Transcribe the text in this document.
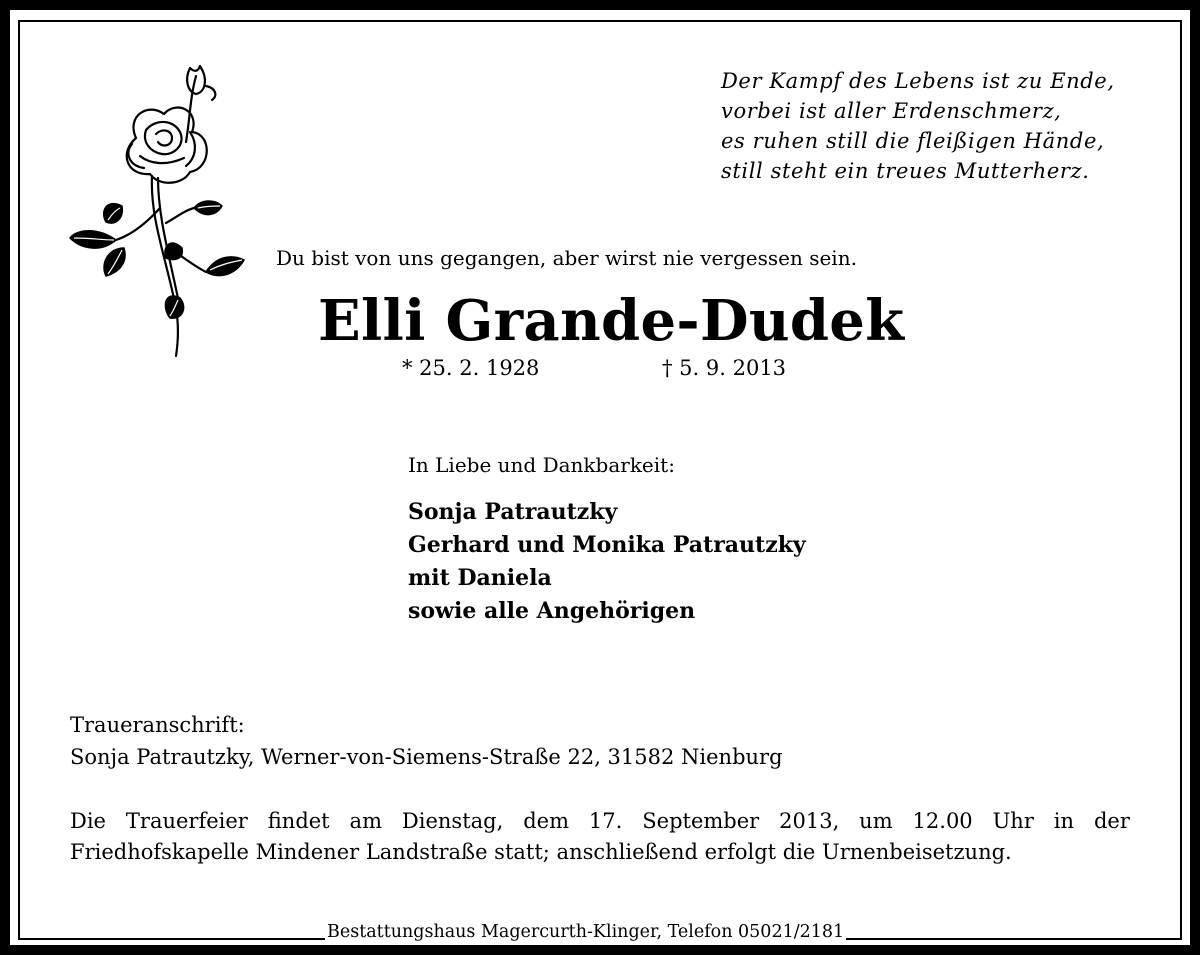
Der Kampf des Lebens ist zu Ende,
vorbei ist aller Erdenschmerz,
es ruhen still die fleißigen Hände,
still steht ein treues Mutterherz.
Du bist von uns gegangen, aber wirst nie vergessen sein.
Elli Grande-Dudek
* 25. 2. 1928	† 5. 9. 2013
In Liebe und Dankbarkeit:
Sonja Patrautzky
Gerhard und Monika Patrautzky
mit Daniela
sowie alle Angehörigen
Traueranschrift:
Sonja Patrautzky, Werner-von-Siemens-Straße 22, 31582 Nienburg
Die Trauerfeier findet am Dienstag, dem 17. September 2013, um 12.00 Uhr in der
Friedhofskapelle Mindener Landstraße statt; anschließend erfolgt die Urnenbeisetzung.
Bestattungshaus Magercurth-Klinger, Telefon 05021/2181
